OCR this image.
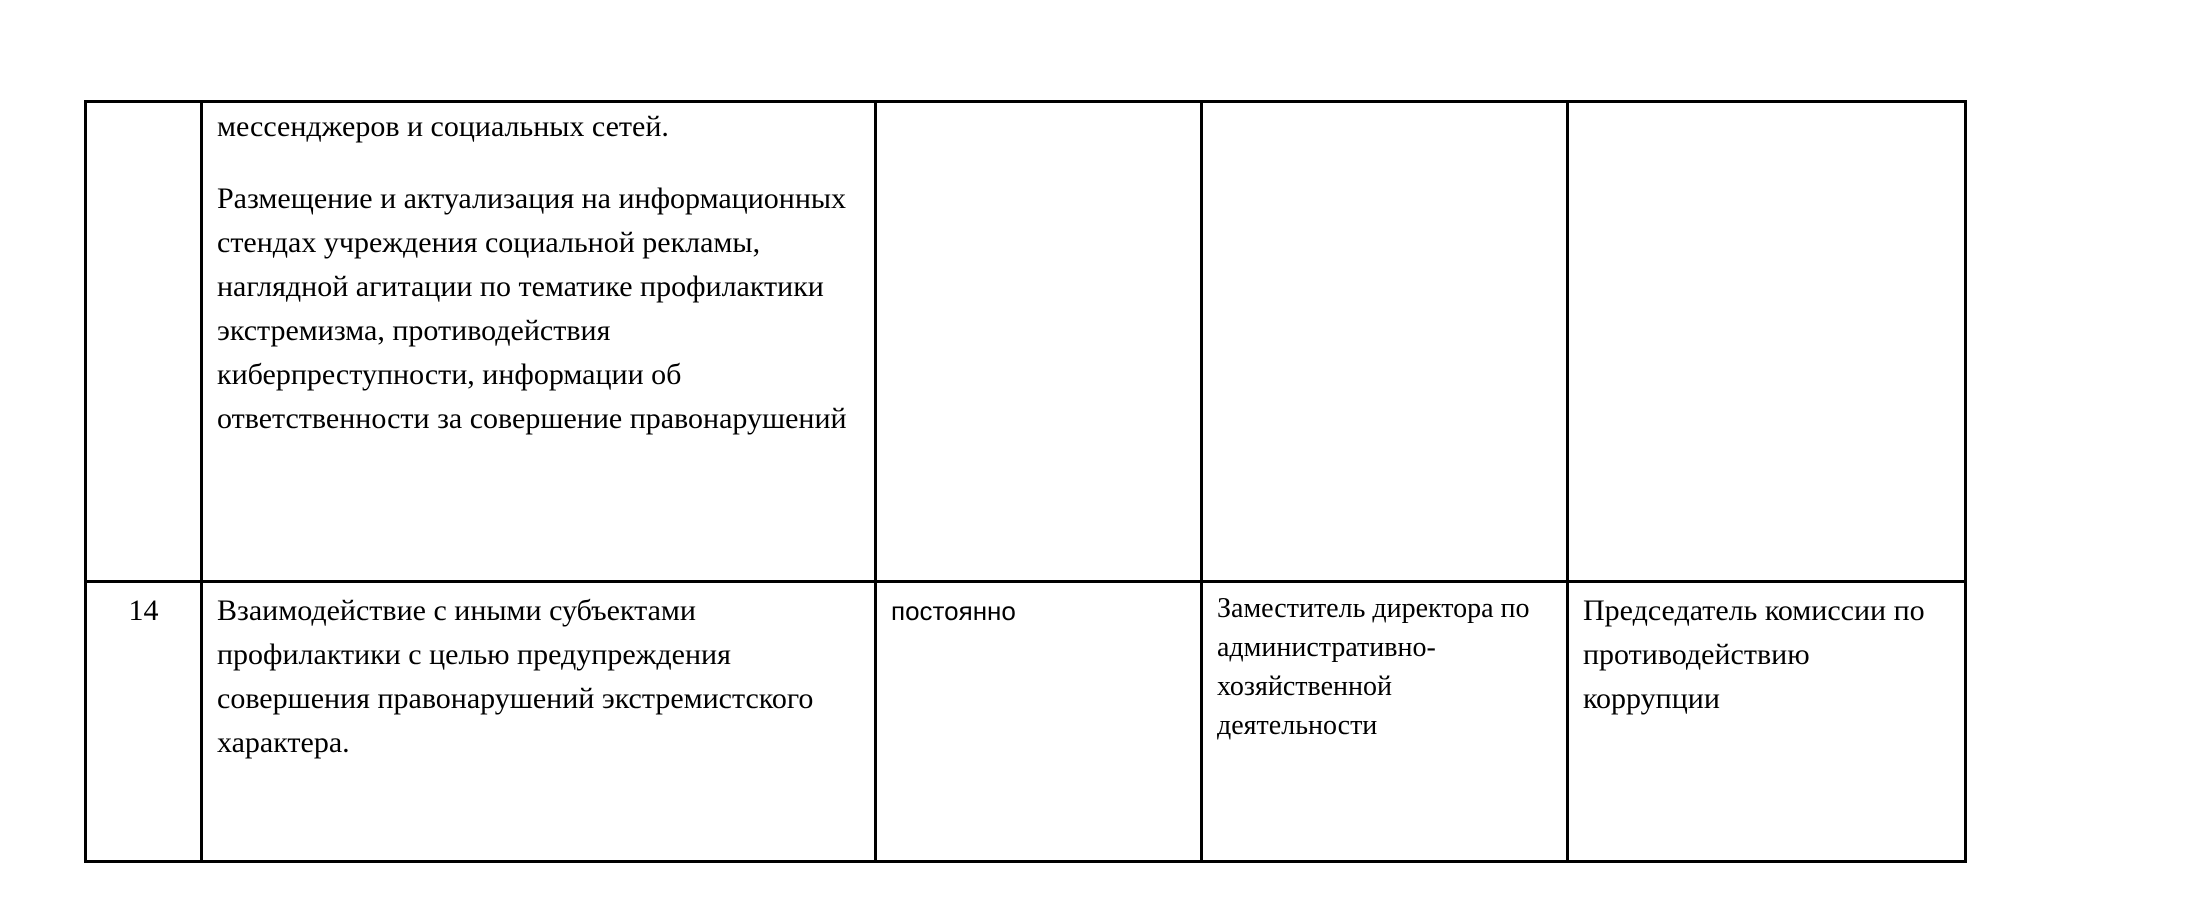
	мессенджеров и социальных сетей.

Размещение и актуализация на информационных стендах учреждения социальной рекламы, наглядной агитации по тематике профилактики экстремизма, противодействия киберпреступности, информации об ответственности за совершение правонарушений			

14	Взаимодействие с иными субъектами профилактики с целью предупреждения совершения правонарушений экстремистского характера.	постоянно	Заместитель директора по административно-хозяйственной деятельности	Председатель комиссии по противодействию коррупции
